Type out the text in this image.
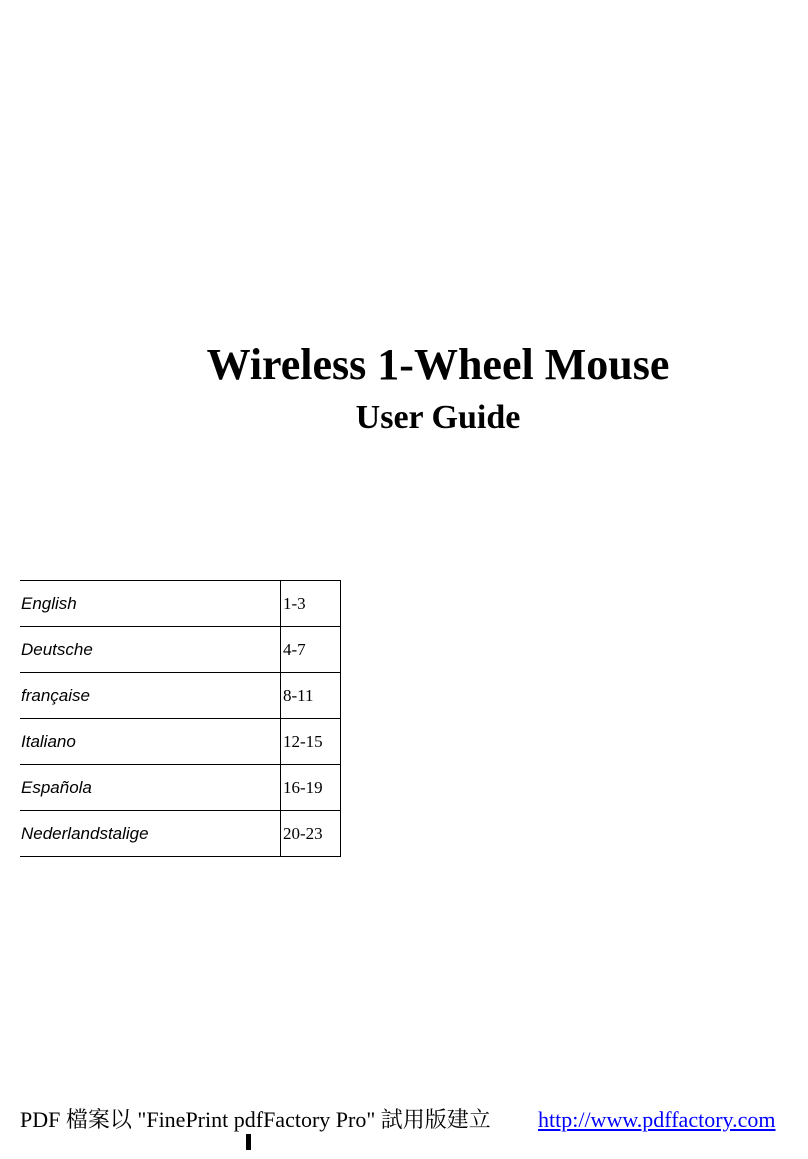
Wireless 1-Wheel Mouse
User Guide
English	1-3
Deutsche	4-7
française	8-11
Italiano	12-15
Española	16-19
Nederlandstalige	20-23
PDF 檔案以 "FinePrint pdfFactory Pro" 試用版建立 http://www.pdffactory.com
